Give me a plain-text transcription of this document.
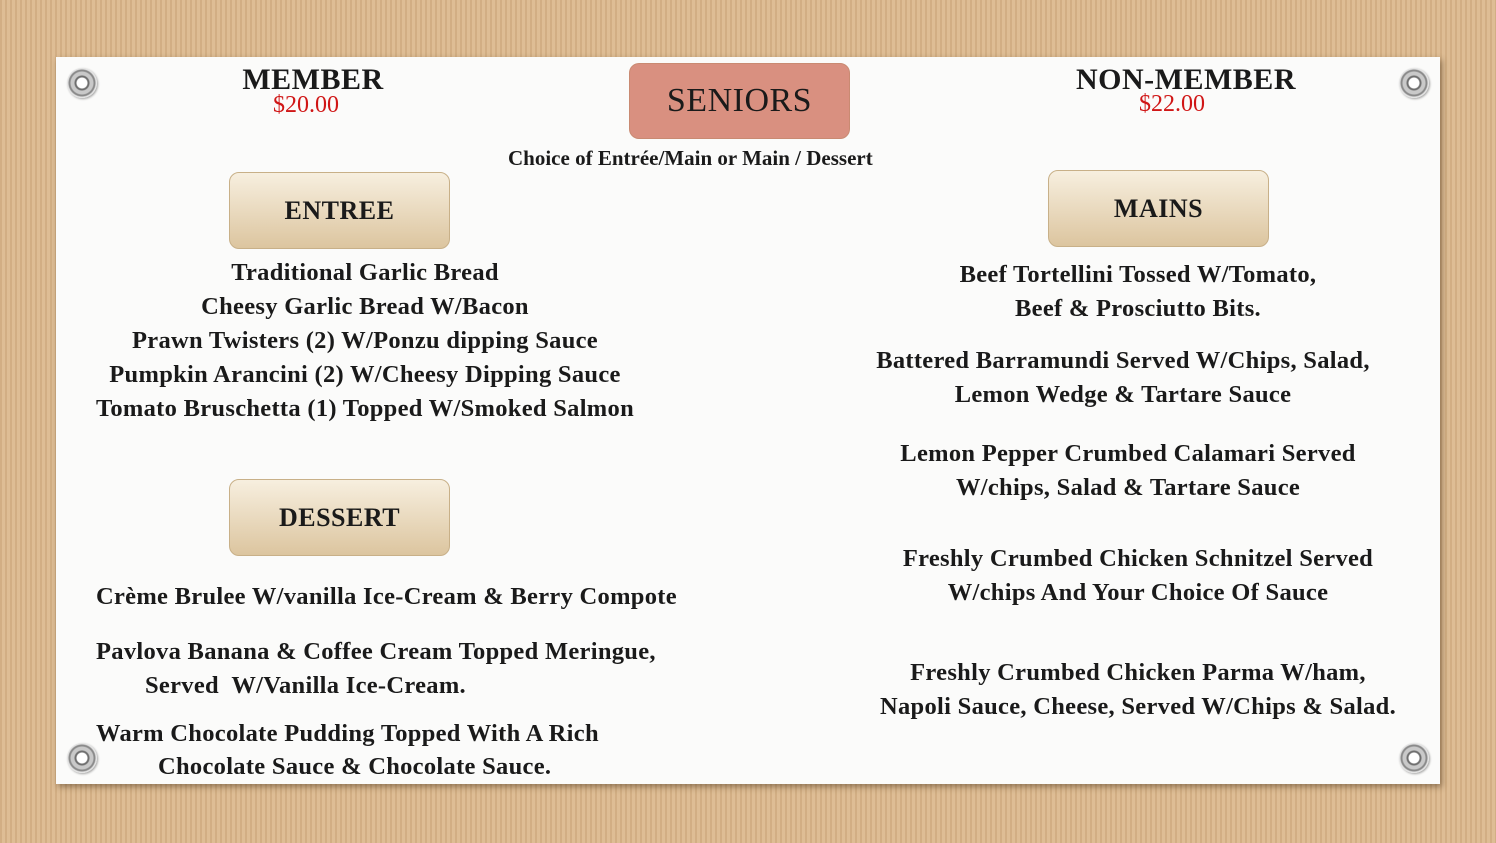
MEMBER
$20.00	SENIORS
NON-MEMBER
$22.00
Choice of Entrée/Main or Main / Dessert
ENTREE	MAINS
DESSERT
Traditional Garlic Bread
Cheesy Garlic Bread W/Bacon
Prawn Twisters (2) W/Ponzu dipping Sauce
Pumpkin Arancini (2) W/Cheesy Dipping Sauce
Tomato Bruschetta (1) Topped W/Smoked Salmon
Crème Brulee W/vanilla Ice-Cream & Berry Compote
Pavlova Banana & Coffee Cream Topped Meringue,
Served  W/Vanilla Ice-Cream.
Warm Chocolate Pudding Topped With A Rich
Chocolate Sauce & Chocolate Sauce.
Beef Tortellini Tossed W/Tomato,
Beef & Prosciutto Bits.
Battered Barramundi Served W/Chips, Salad,
Lemon Wedge & Tartare Sauce
Lemon Pepper Crumbed Calamari Served
W/chips, Salad & Tartare Sauce
Freshly Crumbed Chicken Schnitzel Served
W/chips And Your Choice Of Sauce
Freshly Crumbed Chicken Parma W/ham,
Napoli Sauce, Cheese, Served W/Chips & Salad.
